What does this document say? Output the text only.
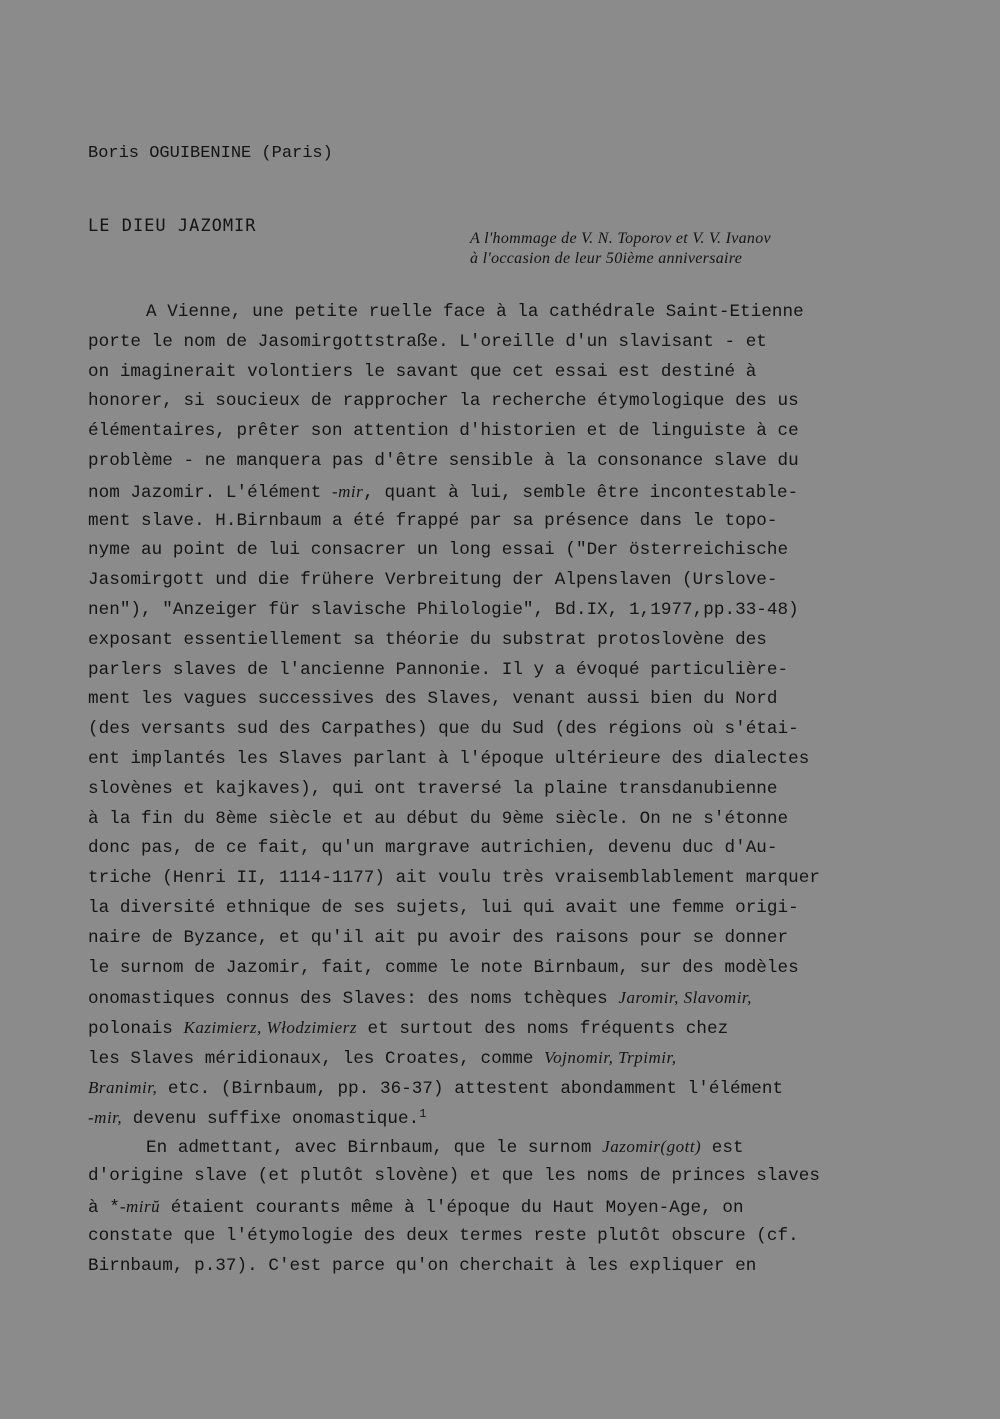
Boris OGUIBENINE (Paris)
LE DIEU JAZOMIR
A l'hommage de V. N. Toporov et V. V. Ivanov
à l'occasion de leur 50ième anniversaire
A Vienne, une petite ruelle face à la cathédrale Saint-Etienne
porte le nom de Jasomirgottstraße. L'oreille d'un slavisant - et
on imaginerait volontiers le savant que cet essai est destiné à
honorer, si soucieux de rapprocher la recherche étymologique des us
élémentaires, prêter son attention d'historien et de linguiste à ce
problème - ne manquera pas d'être sensible à la consonance slave du
nom Jazomir. L'élément -mir, quant à lui, semble être incontestable-
ment slave. H.Birnbaum a été frappé par sa présence dans le topo-
nyme au point de lui consacrer un long essai ("Der österreichische
Jasomirgott und die frühere Verbreitung der Alpenslaven (Urslove-
nen"), "Anzeiger für slavische Philologie", Bd.IX, 1,1977,pp.33-48)
exposant essentiellement sa théorie du substrat protoslovène des
parlers slaves de l'ancienne Pannonie. Il y a évoqué particulière-
ment les vagues successives des Slaves, venant aussi bien du Nord
(des versants sud des Carpathes) que du Sud (des régions où s'étai-
ent implantés les Slaves parlant à l'époque ultérieure des dialectes
slovènes et kajkaves), qui ont traversé la plaine transdanubienne
à la fin du 8ème siècle et au début du 9ème siècle. On ne s'étonne
donc pas, de ce fait, qu'un margrave autrichien, devenu duc d'Au-
triche (Henri II, 1114-1177) ait voulu très vraisemblablement marquer
la diversité ethnique de ses sujets, lui qui avait une femme origi-
naire de Byzance, et qu'il ait pu avoir des raisons pour se donner
le surnom de Jazomir, fait, comme le note Birnbaum, sur des modèles
onomastiques connus des Slaves: des noms tchèques Jaromir, Slavomir,
polonais Kazimierz, Włodzimierz et surtout des noms fréquents chez
les Slaves méridionaux, les Croates, comme Vojnomir, Trpimir,
Branimir, etc. (Birnbaum, pp. 36-37) attestent abondamment l'élément
-mir, devenu suffixe onomastique.$^1$
En admettant, avec Birnbaum, que le surnom Jazomir(gott) est
d'origine slave (et plutôt slovène) et que les noms de princes slaves
à *-mirŭ étaient courants même à l'époque du Haut Moyen-Age, on
constate que l'étymologie des deux termes reste plutôt obscure (cf.
Birnbaum, p.37). C'est parce qu'on cherchait à les expliquer en
